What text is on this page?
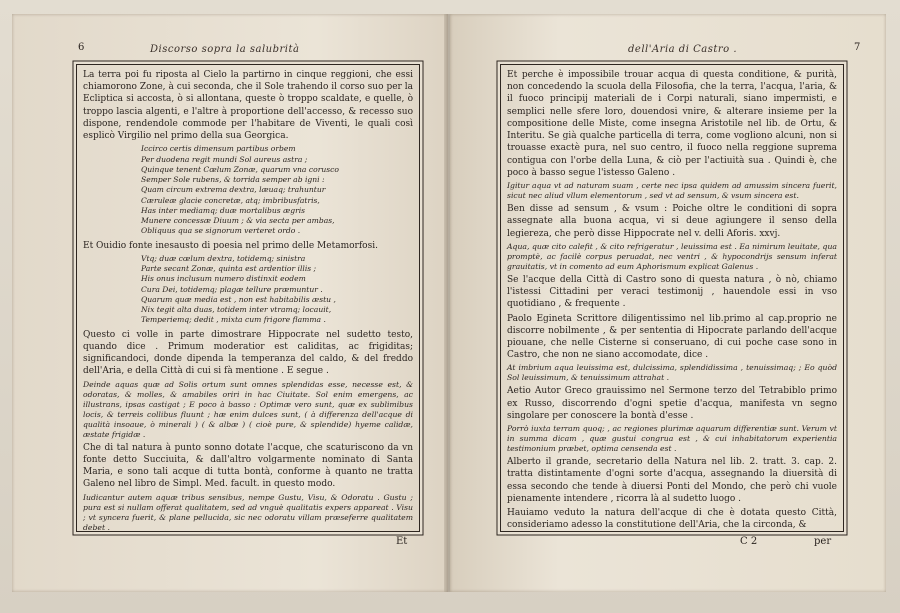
6	Discorso sopra la salubrità

La terra poi fu riposta al Cielo la partirno in cinque reggioni, che essi chiamorono Zone, à cui seconda, che il Sole trahendo il corso suo per la Ecliptica si accosta, ò si allontana, queste ò troppo scaldate, e quelle, ò troppo lascia algenti, e l'altre à proportione dell'accesso, & recesso suo dispone, rendendole commode per l'habitare de Viventi, le quali così esplicò Virgilio nel primo della sua Georgica.

Iccirco certis dimensum partibus orbem
Per duodena regit mundi Sol aureus astra ;
Quinque tenent Cœlum Zonæ, quarum vna corusco
Semper Sole rubens, & torrida semper ab igni :
Quam circum extrema dextra, læuaq; trahuntur
Cæruleæ glacie concretæ, atq; imbribusfatris,
Has inter mediamq; duæ mortalibus ægris
Munere concessæ Diuum ; & via secta per ambas,
Obliquus qua se signorum verteret ordo .

Et Ouidio fonte inesausto di poesia nel primo delle Metamorfosi.

Vtq; duæ cœlum dextra, totidemq; sinistra
Parte secant Zonæ, quinta est ardentior illis ;
His onus inclusum numero distinxit eodem
Cura Dei, totidemq; plagæ tellure præmuntur .
Quarum quæ media est , non est habitabilis æstu ,
Nix tegit alta duas, totidem inter vtramq; locauit,
Temperiemq; dedit , mixta cum frigore flamma .

Questo ci volle in parte dimostrare Hippocrate nel sudetto testo, quando dice . Primum moderatior est caliditas, ac frigiditas; significandoci, donde dipenda la temperanza del caldo, & del freddo dell'Aria, e della Città di cui si fà mentione . E segue .

Deinde aquas quæ ad Solis ortum sunt omnes splendidas esse, necesse est, & odoratas, & molles, & amabiles oriri in hac Ciuitate. Sol enim emergens, ac illustrans, ipsas castigat ; E poco à basso : Optimæ vero sunt, quæ ex sublimibus locis, & terreis collibus fluunt ; hæ enim dulces sunt, ( à differenza dell'acque di qualità insoaue, ò minerali ) ( & albæ ) ( cioè pure, & splendide) hyeme calidæ, æstate frigidæ .

Che di tal natura à punto sonno dotate l'acque, che scaturiscono da vn fonte detto Succiuita, & dall'altro volgarmente nominato di Santa Maria, e sono tali acque di tutta bontà, conforme à quanto ne tratta Galeno nel libro de Simpl. Med. facult. in questo modo.

Iudicantur autem aquæ tribus sensibus, nempe Gustu, Visu, & Odoratu . Gustu ; pura est si nullam offerat qualitatem, sed ad vnguè qualitatis expers appareat . Visu ; vt syncera fuerit, & plane pellucida, sic nec odoratu villam præseferre qualitatem debet .

Et
dell'Aria di Castro .	7

Et perche è impossibile trouar acqua di questa conditione, & purità, non concedendo la scuola della Filosofia, che la terra, l'acqua, l'aria, & il fuoco principij materiali de i Corpi naturali, siano impermisti, e semplici nelle sfere loro, douendosi vnire, & alterare insieme per la compositione delle Miste, come insegna Aristotile nel lib. de Ortu, & Interitu. Se già qualche particella di terra, come vogliono alcuni, non si trouasse exactè pura, nel suo centro, il fuoco nella reggione suprema contigua con l'orbe della Luna, & ciò per l'actiuità sua . Quindi è, che poco à basso segue l'istesso Galeno .

Igitur aqua vt ad naturam suam , certe nec ipsa quidem ad amussim sincera fuerit, sicut nec aliud vllum elementorum , sed vt ad sensum, & vsum sincera est.

Ben disse ad sensum , & vsum : Poiche oltre le conditioni di sopra assegnate alla buona acqua, vi si deue agiungere il senso della legiereza, che però disse Hippocrate nel v. delli Aforis. xxvj.

Aqua, quæ cito calefit , & cito refrigeratur , leuissima est . Ea nimirum leuitate, qua promptè, ac facilè corpus peruadat, nec ventri , & hypocondrijs sensum inferat grauitatis, vt in comento ad eum Aphorismum explicat Galenus .

Se l'acque della Città di Castro sono di questa natura , ò nò, chiamo l'istessi Cittadini per veraci testimonij , hauendole essi in vso quotidiano , & frequente .

Paolo Egineta Scrittore diligentissimo nel lib.primo al cap.proprio ne discorre nobilmente , & per sententia di Hipocrate parlando dell'acque piouane, che nelle Cisterne si conseruano, di cui poche case sono in Castro, che non ne siano accomodate, dice .

At imbrium aqua leuissima est, dulcissima, splendidissima , tenuissimaq; ; Eo quòd Sol leuissimum, & tenuissimum attrahat .

Aetio Autor Greco grauissimo nel Sermone terzo del Tetrabiblo primo ex Russo, discorrendo d'ogni spetie d'acqua, manifesta vn segno singolare per conoscere la bontà d'esse .

Porrò iuxta terram quoq; , ac regiones plurimæ aquarum differentiæ sunt. Verum vt in summa dicam , quæ gustui congrua est , & cui inhabitatorum experientia testimonium præbet, optima censenda est .

Alberto il grande, secretario della Natura nel lib. 2. tratt. 3. cap. 2. tratta distintamente d'ogni sorte d'acqua, assegnando la diuersità di essa secondo che tende à diuersi Ponti del Mondo, che però chi vuole pienamente intendere , ricorra là al sudetto luogo .

Hauiamo veduto la natura dell'acque di che è dotata questo Città, consideriamo adesso la constitutione dell'Aria, che la circonda, &

C 2	per
